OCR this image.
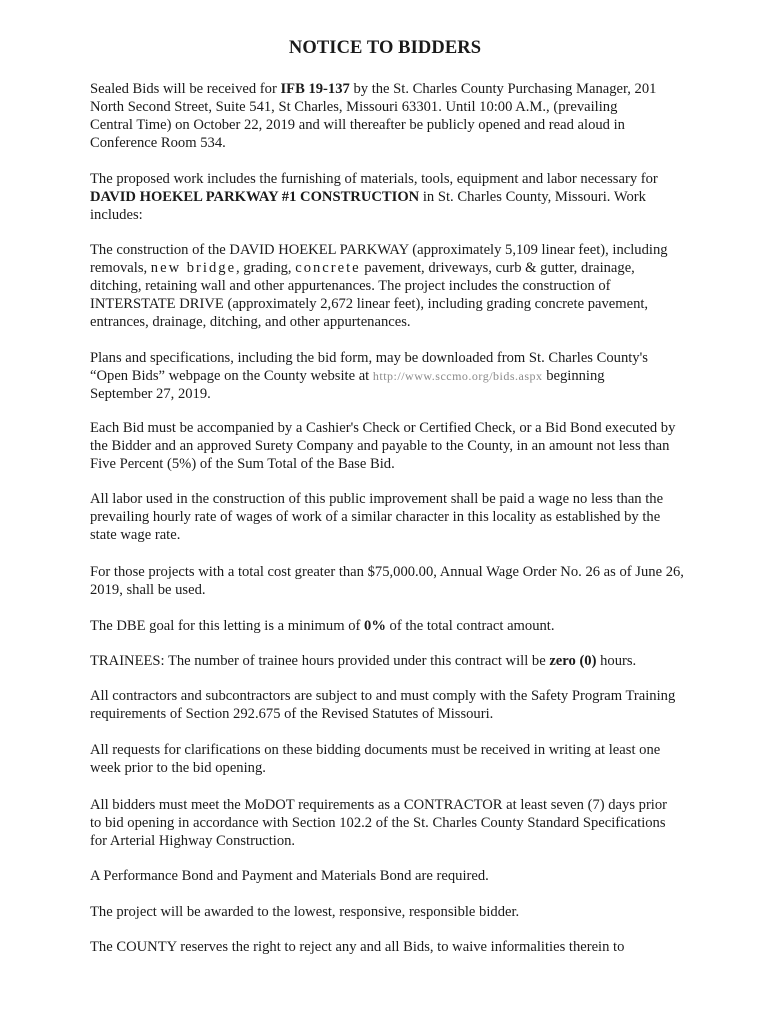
NOTICE TO BIDDERS

Sealed Bids will be received for IFB 19-137 by the St. Charles County Purchasing Manager, 201
North Second Street, Suite 541, St Charles, Missouri 63301. Until 10:00 A.M., (prevailing
Central Time) on October 22, 2019 and will thereafter be publicly opened and read aloud in
Conference Room 534.

The proposed work includes the furnishing of materials, tools, equipment and labor necessary for
DAVID HOEKEL PARKWAY #1 CONSTRUCTION in St. Charles County, Missouri. Work
includes:

The construction of the DAVID HOEKEL PARKWAY (approximately 5,109 linear feet), including
removals, new bridge, grading, concrete pavement, driveways, curb & gutter, drainage,
ditching, retaining wall and other appurtenances. The project includes the construction of
INTERSTATE DRIVE (approximately 2,672 linear feet), including grading concrete pavement,
entrances, drainage, ditching, and other appurtenances.

Plans and specifications, including the bid form, may be downloaded from St. Charles County's
“Open Bids” webpage on the County website at http://www.sccmo.org/bids.aspx beginning
September 27, 2019.

Each Bid must be accompanied by a Cashier's Check or Certified Check, or a Bid Bond executed by
the Bidder and an approved Surety Company and payable to the County, in an amount not less than
Five Percent (5%) of the Sum Total of the Base Bid.

All labor used in the construction of this public improvement shall be paid a wage no less than the
prevailing hourly rate of wages of work of a similar character in this locality as established by the
state wage rate.

For those projects with a total cost greater than $75,000.00, Annual Wage Order No. 26 as of June 26,
2019, shall be used.

The DBE goal for this letting is a minimum of 0% of the total contract amount.

TRAINEES: The number of trainee hours provided under this contract will be zero (0) hours.

All contractors and subcontractors are subject to and must comply with the Safety Program Training
requirements of Section 292.675 of the Revised Statutes of Missouri.

All requests for clarifications on these bidding documents must be received in writing at least one
week prior to the bid opening.

All bidders must meet the MoDOT requirements as a CONTRACTOR at least seven (7) days prior
to bid opening in accordance with Section 102.2 of the St. Charles County Standard Specifications
for Arterial Highway Construction.

A Performance Bond and Payment and Materials Bond are required.

The project will be awarded to the lowest, responsive, responsible bidder.

The COUNTY reserves the right to reject any and all Bids, to waive informalities therein to
